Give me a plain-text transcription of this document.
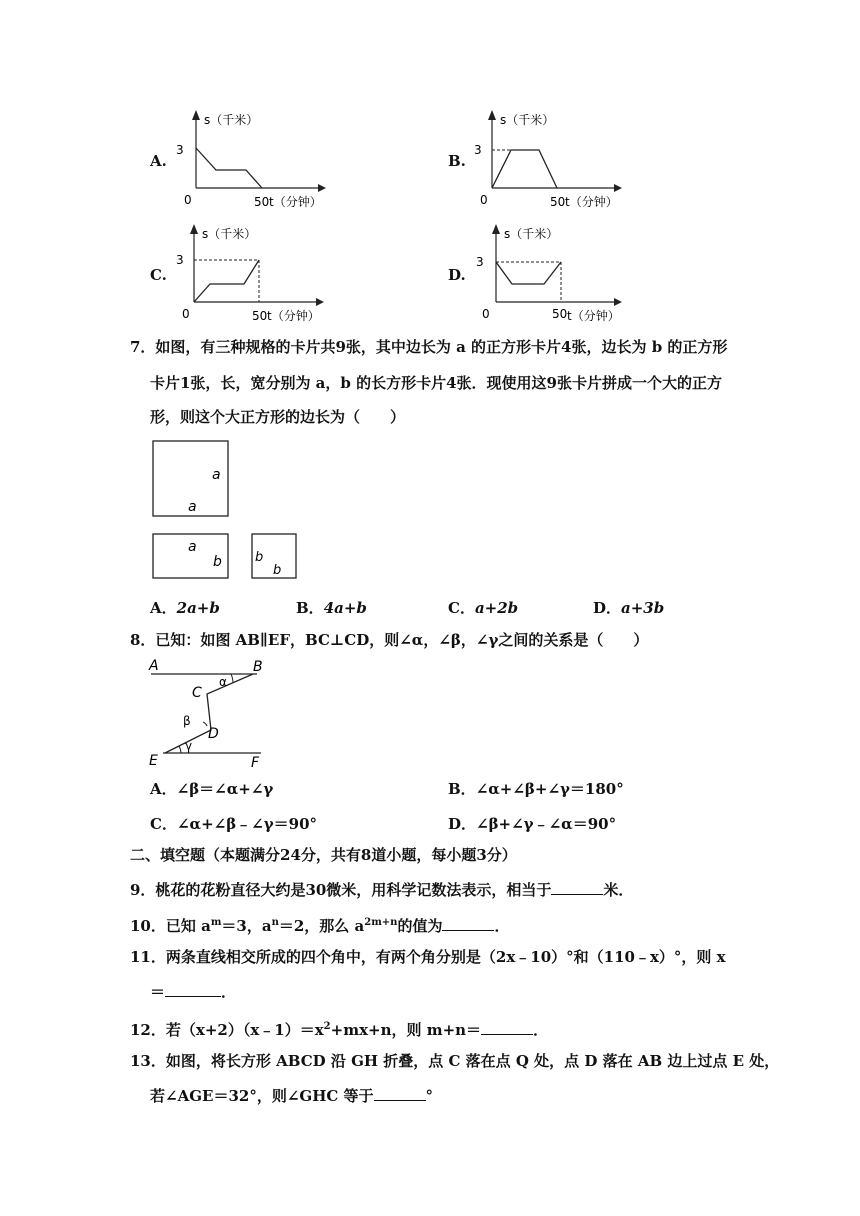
A.
s（千米）
3
0	50 t（分钟）
B.
s（千米）
3
0	50 t（分钟）
C.
s（千米）
3
0	50 t（分钟）
D.
s（千米）
3
0	50 t（分钟）
7．如图，有三种规格的卡片共9张，其中边长为 a 的正方形卡片4张，边长为 b 的正方形
卡片1张，长，宽分别为 a，b 的长方形卡片4张．现使用这9张卡片拼成一个大的正方
形，则这个大正方形的边长为（　　）
a
a
a
b	b
b
A．2a+b	B．4a+b	C．a+2b	D．a+3b
8．已知：如图 AB∥EF，BC⊥CD，则∠α，∠β，∠γ之间的关系是（　　）
A	B
C
D
E	F
α
β
γ
A．∠β＝∠α+∠γ	B．∠α+∠β+∠γ＝180°
C．∠α+∠β﹣∠γ＝90°	D．∠β+∠γ﹣∠α＝90°
二、填空题（本题满分24分，共有8道小题，每小题3分）
9．桃花的花粉直径大约是30微米，用科学记数法表示，相当于	米．
10．已知 $a^m=3$，$a^n=2$，那么 $a^{2m+n}$的值为	．
11．两条直线相交所成的四个角中，有两个角分别是（2x﹣10）°和（110﹣x）°，则 x
＝	．
12．若$(x+2)(x﹣1)=x^2+mx+n$，则 m+n＝	．
13．如图，将长方形 ABCD 沿 GH 折叠，点 C 落在点 Q 处，点 D 落在 AB 边上过点 E 处，
若∠AGE＝32°，则∠GHC 等于	°
